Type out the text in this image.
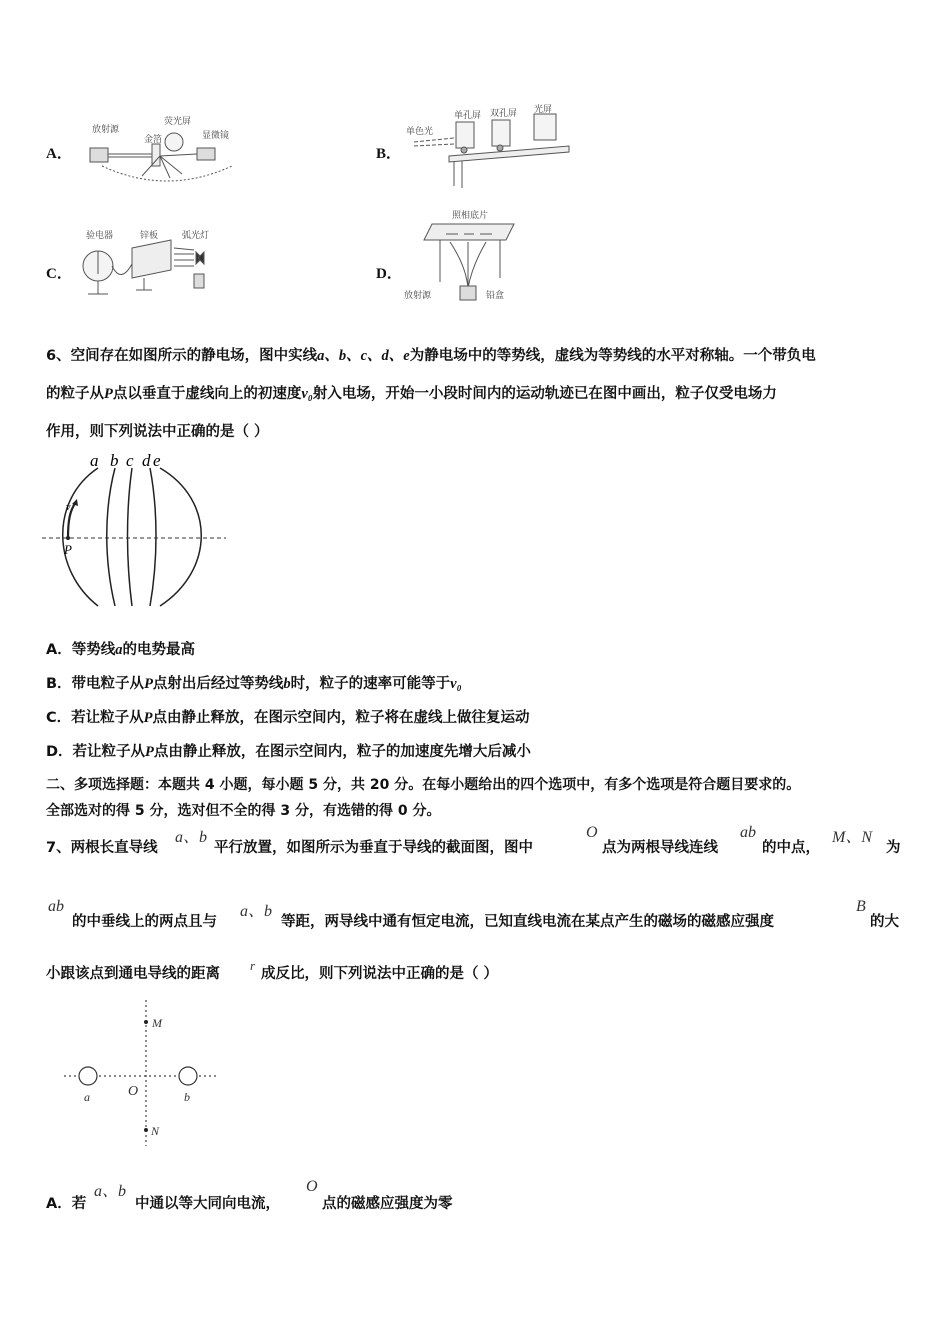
A．
放射源
荧光屏
金箔	显微镜
B．
单色光
单孔屏 双孔屏 光屏
C．
验电器	锌板	弧光灯
D．
照相底片
放射源	铅盒
6、空间存在如图所示的静电场，图中实线a、b、c、d、e为静电场中的等势线，虚线为等势线的水平对称轴。一个带负电
的粒子从P点以垂直于虚线向上的初速度v₀射入电场，开始一小段时间内的运动轨迹已在图中画出，粒子仅受电场力
作用，则下列说法中正确的是（ ）
a b c d e
P
v
A．等势线a的电势最高
B．带电粒子从P点射出后经过等势线b时，粒子的速率可能等于v₀
C．若让粒子从P点由静止释放，在图示空间内，粒子将在虚线上做往复运动
D．若让粒子从P点由静止释放，在图示空间内，粒子的加速度先增大后减小
二、多项选择题：本题共 4 小题，每小题 5 分，共 20 分。在每小题给出的四个选项中，有多个选项是符合题目要求的。
全部选对的得 5 分，选对但不全的得 3 分，有选错的得 0 分。
7、两根长直导线
a、b
平行放置，如图所示为垂直于导线的截面图，图中
O
点为两根导线连线
ab
的中点，
M、N
为
ab
的中垂线上的两点且与
a、b
等距，两导线中通有恒定电流，已知直线电流在某点产生的磁场的磁感应强度
B
的大
小跟该点到通电导线的距离
r
成反比，则下列说法中正确的是（ ）
M
N
O
a	b
A．若
a、b
中通以等大同向电流，
O
点的磁感应强度为零
